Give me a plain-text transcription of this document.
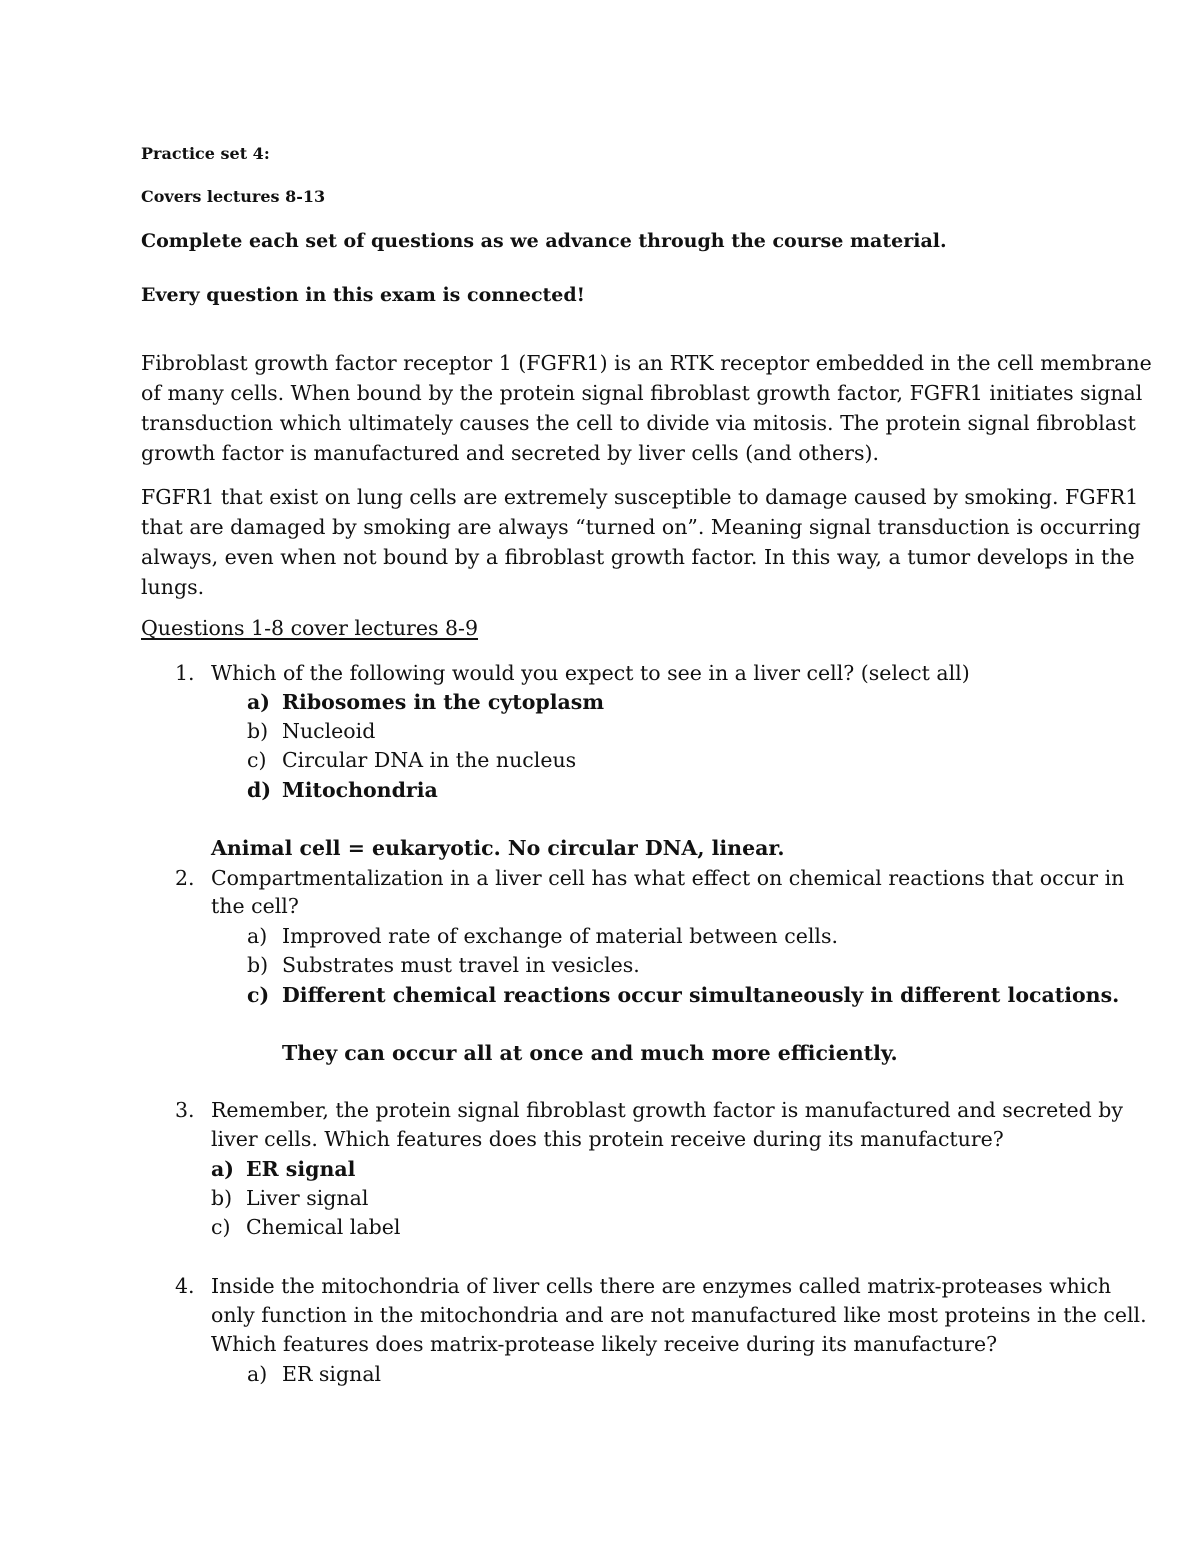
Practice set 4:
Covers lectures 8-13
Complete each set of questions as we advance through the course material.
Every question in this exam is connected!
Fibroblast growth factor receptor 1 (FGFR1) is an RTK receptor embedded in the cell membrane
of many cells. When bound by the protein signal fibroblast growth factor, FGFR1 initiates signal
transduction which ultimately causes the cell to divide via mitosis. The protein signal fibroblast
growth factor is manufactured and secreted by liver cells (and others).
FGFR1 that exist on lung cells are extremely susceptible to damage caused by smoking. FGFR1
that are damaged by smoking are always “turned on”. Meaning signal transduction is occurring
always, even when not bound by a fibroblast growth factor. In this way, a tumor develops in the
lungs.
Questions 1-8 cover lectures 8-9
1. Which of the following would you expect to see in a liver cell? (select all)
a) Ribosomes in the cytoplasm
b) Nucleoid
c) Circular DNA in the nucleus
d) Mitochondria
Animal cell = eukaryotic. No circular DNA, linear.
2. Compartmentalization in a liver cell has what effect on chemical reactions that occur in
the cell?
a) Improved rate of exchange of material between cells.
b) Substrates must travel in vesicles.
c) Different chemical reactions occur simultaneously in different locations.
They can occur all at once and much more efficiently.
3. Remember, the protein signal fibroblast growth factor is manufactured and secreted by
liver cells. Which features does this protein receive during its manufacture?
a) ER signal
b) Liver signal
c) Chemical label
4. Inside the mitochondria of liver cells there are enzymes called matrix-proteases which
only function in the mitochondria and are not manufactured like most proteins in the cell.
Which features does matrix-protease likely receive during its manufacture?
a) ER signal
